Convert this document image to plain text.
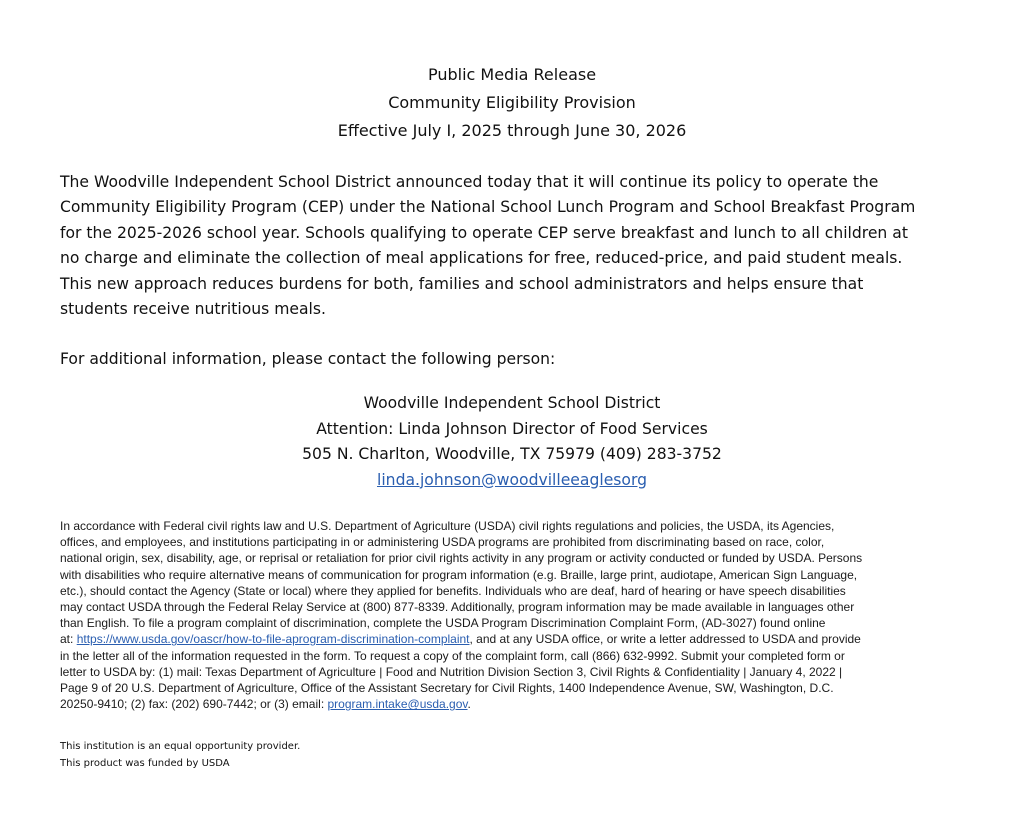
Public Media Release
Community Eligibility Provision
Effective July I, 2025 through June 30, 2026
The Woodville Independent School District announced today that it will continue its policy to operate the
Community Eligibility Program (CEP) under the National School Lunch Program and School Breakfast Program
for the 2025-2026 school year. Schools qualifying to operate CEP serve breakfast and lunch to all children at
no charge and eliminate the collection of meal applications for free, reduced-price, and paid student meals.
This new approach reduces burdens for both, families and school administrators and helps ensure that
students receive nutritious meals.
For additional information, please contact the following person:
Woodville Independent School District
Attention: Linda Johnson Director of Food Services
505 N. Charlton, Woodville, TX 75979 (409) 283-3752
linda.johnson@woodvilleeaglesorg
In accordance with Federal civil rights law and U.S. Department of Agriculture (USDA) civil rights regulations and policies, the USDA, its Agencies,
offices, and employees, and institutions participating in or administering USDA programs are prohibited from discriminating based on race, color,
national origin, sex, disability, age, or reprisal or retaliation for prior civil rights activity in any program or activity conducted or funded by USDA. Persons
with disabilities who require alternative means of communication for program information (e.g. Braille, large print, audiotape, American Sign Language,
etc.), should contact the Agency (State or local) where they applied for benefits. Individuals who are deaf, hard of hearing or have speech disabilities
may contact USDA through the Federal Relay Service at (800) 877-8339. Additionally, program information may be made available in languages other
than English. To file a program complaint of discrimination, complete the USDA Program Discrimination Complaint Form, (AD-3027) found online
at: https://www.usda.gov/oascr/how-to-file-aprogram-discrimination-complaint, and at any USDA office, or write a letter addressed to USDA and provide
in the letter all of the information requested in the form. To request a copy of the complaint form, call (866) 632-9992. Submit your completed form or
letter to USDA by: (1) mail: Texas Department of Agriculture | Food and Nutrition Division Section 3, Civil Rights & Confidentiality | January 4, 2022 |
Page 9 of 20 U.S. Department of Agriculture, Office of the Assistant Secretary for Civil Rights, 1400 Independence Avenue, SW, Washington, D.C.
20250-9410; (2) fax: (202) 690-7442; or (3) email: program.intake@usda.gov.
This institution is an equal opportunity provider.
This product was funded by USDA
